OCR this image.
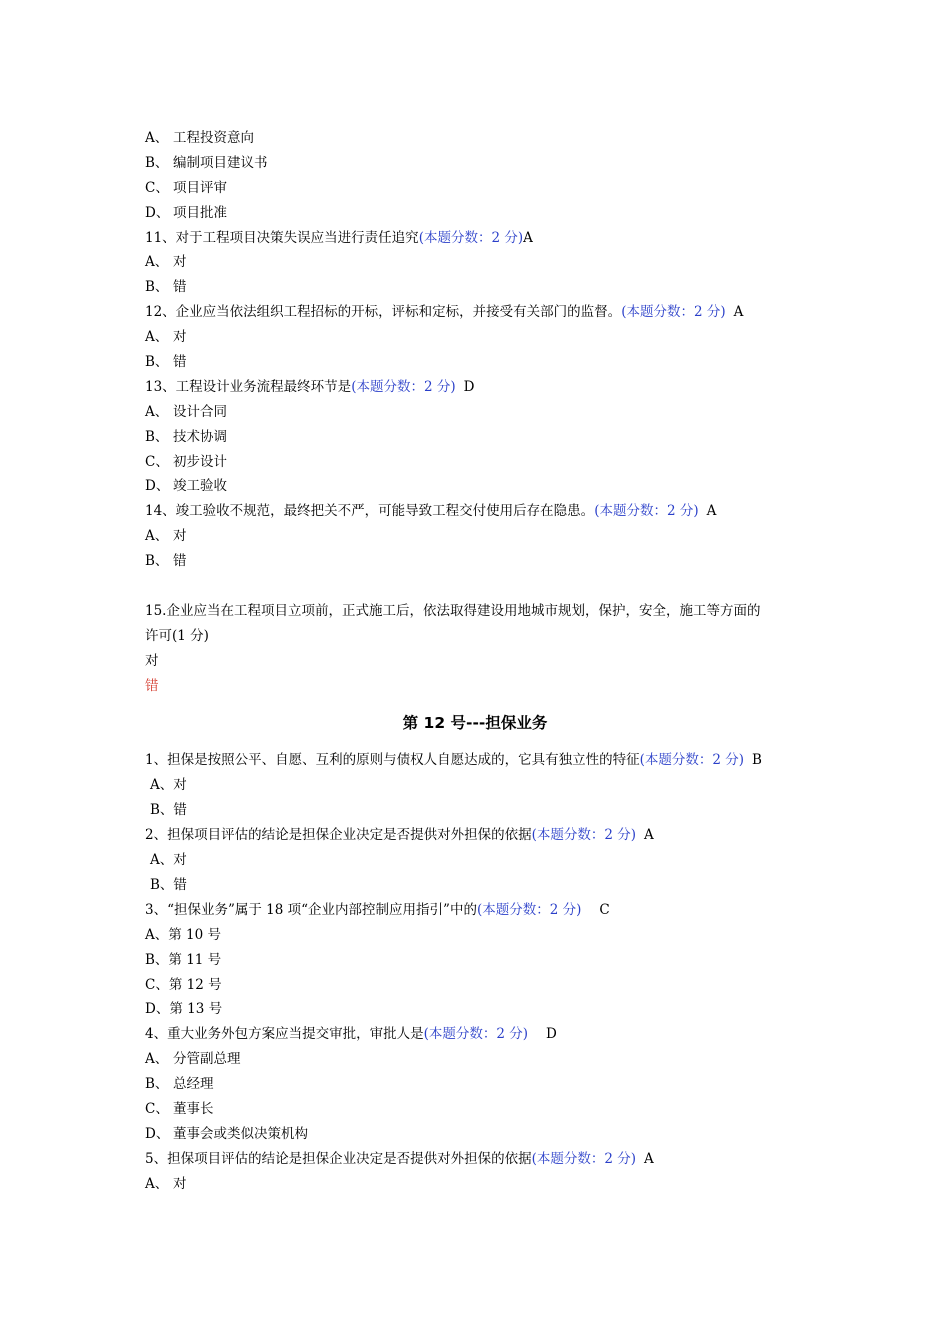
A、 工程投资意向
B、 编制项目建议书
C、 项目评审
D、 项目批准
11、对于工程项目决策失误应当进行责任追究(本题分数：2 分)A
A、 对
B、 错
12、企业应当依法组织工程招标的开标，评标和定标，并接受有关部门的监督。(本题分数：2 分) A
A、 对
B、 错
13、工程设计业务流程最终环节是(本题分数：2 分) D
A、 设计合同
B、 技术协调
C、 初步设计
D、 竣工验收
14、竣工验收不规范，最终把关不严，可能导致工程交付使用后存在隐患。(本题分数：2 分) A
A、 对
B、 错
15.企业应当在工程项目立项前，正式施工后，依法取得建设用地城市规划，保护，安全，施工等方面的
许可(1 分)
对
错
第 12 号---担保业务
1、担保是按照公平、自愿、互利的原则与债权人自愿达成的，它具有独立性的特征(本题分数：2 分) B
A、对
B、错
2、担保项目评估的结论是担保企业决定是否提供对外担保的依据(本题分数：2 分) A
A、对
B、错
3、“担保业务”属于 18 项“企业内部控制应用指引”中的(本题分数：2 分) C
A、第 10 号
B、第 11 号
C、第 12 号
D、第 13 号
4、重大业务外包方案应当提交审批，审批人是(本题分数：2 分) D
A、 分管副总理
B、 总经理
C、 董事长
D、 董事会或类似决策机构
5、担保项目评估的结论是担保企业决定是否提供对外担保的依据(本题分数：2 分) A
A、 对
